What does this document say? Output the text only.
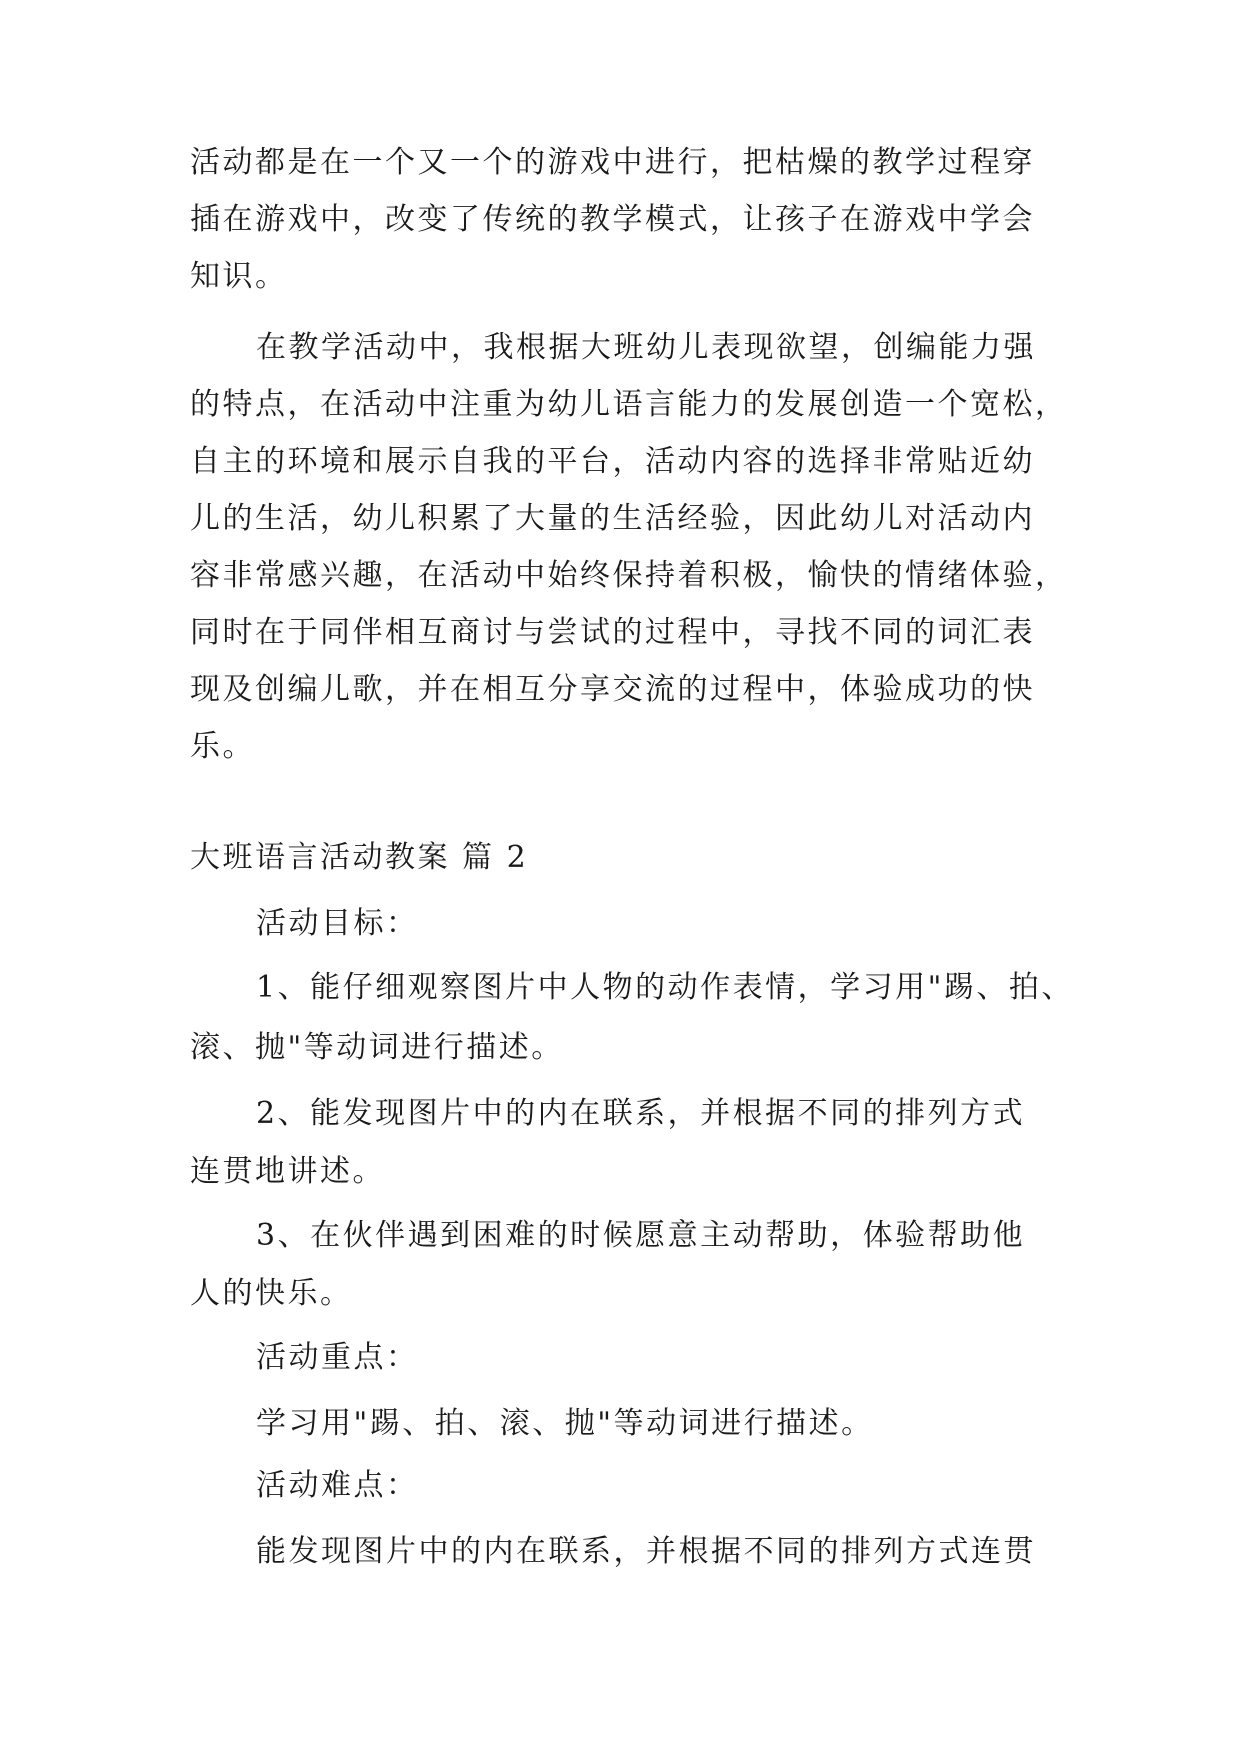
活动都是在一个又一个的游戏中进行，把枯燥的教学过程穿

插在游戏中，改变了传统的教学模式，让孩子在游戏中学会

知识。

在教学活动中，我根据大班幼儿表现欲望，创编能力强

的特点，在活动中注重为幼儿语言能力的发展创造一个宽松，

自主的环境和展示自我的平台，活动内容的选择非常贴近幼

儿的生活，幼儿积累了大量的生活经验，因此幼儿对活动内

容非常感兴趣，在活动中始终保持着积极，愉快的情绪体验，

同时在于同伴相互商讨与尝试的过程中，寻找不同的词汇表

现及创编儿歌，并在相互分享交流的过程中，体验成功的快

乐。

大班语言活动教案 篇 2

活动目标：

1、能仔细观察图片中人物的动作表情，学习用"踢、拍、

滚、抛"等动词进行描述。

2、能发现图片中的内在联系，并根据不同的排列方式

连贯地讲述。

3、在伙伴遇到困难的时候愿意主动帮助，体验帮助他

人的快乐。

活动重点：

学习用"踢、拍、滚、抛"等动词进行描述。

活动难点：

能发现图片中的内在联系，并根据不同的排列方式连贯
